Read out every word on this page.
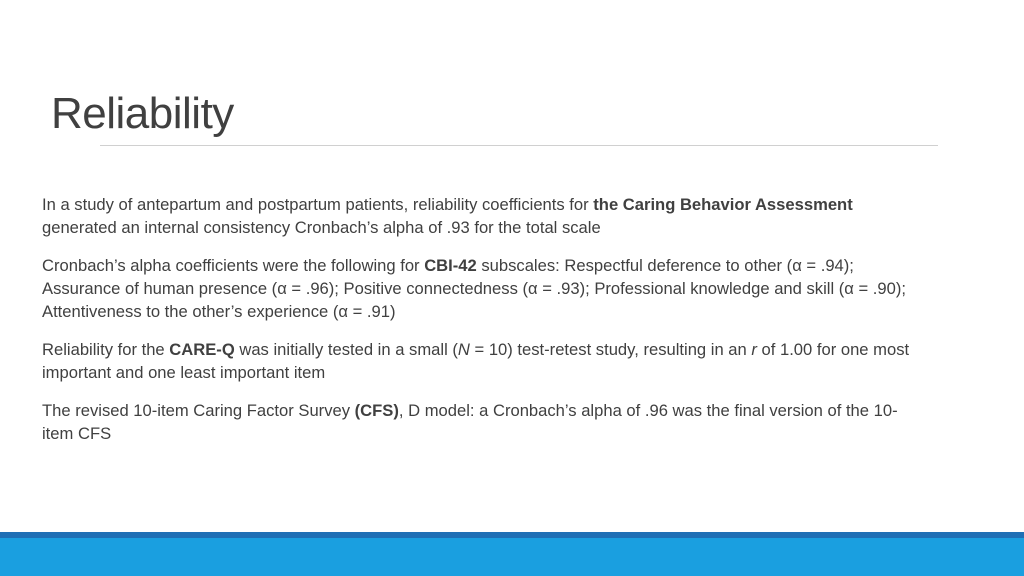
Reliability

In a study of antepartum and postpartum patients, reliability coefficients for the Caring Behavior Assessment generated an internal consistency Cronbach’s alpha of .93 for the total scale

Cronbach’s alpha coefficients were the following for CBI-42 subscales: Respectful deference to other (α = .94); Assurance of human presence (α = .96); Positive connectedness (α = .93); Professional knowledge and skill (α = .90); Attentiveness to the other’s experience (α = .91)

Reliability for the CARE-Q was initially tested in a small (N = 10) test-retest study, resulting in an r of 1.00 for one most important and one least important item

The revised 10-item Caring Factor Survey (CFS), D model: a Cronbach’s alpha of .96 was the final version of the 10-item CFS
